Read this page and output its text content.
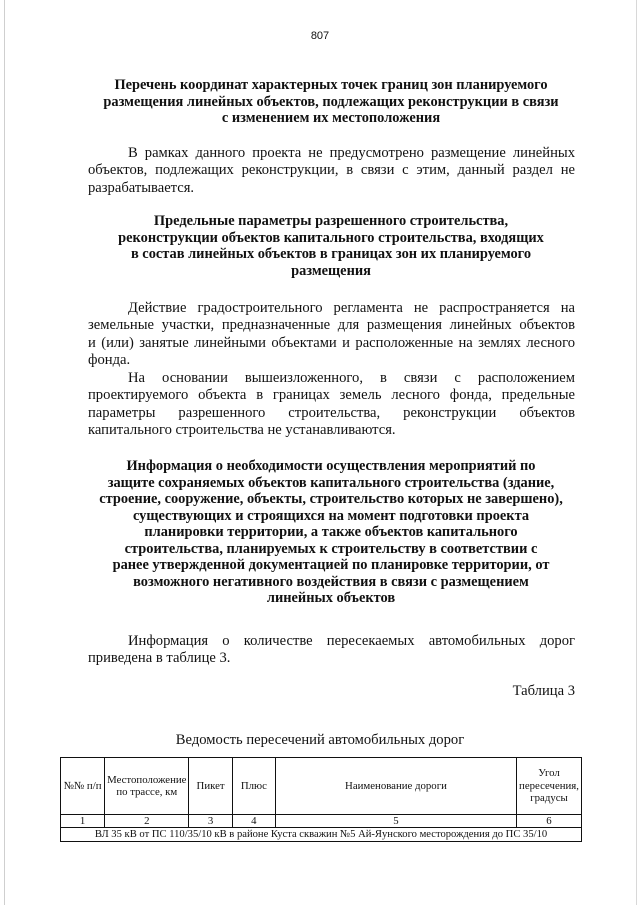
807
Перечень координат характерных точек границ зон планируемого
размещения линейных объектов, подлежащих реконструкции в связи
с изменением их местоположения

В рамках данного проекта не предусмотрено размещение линейных
объектов, подлежащих реконструкции, в связи с этим, данный раздел не
разрабатывается.

Предельные параметры разрешенного строительства,
реконструкции объектов капитального строительства, входящих
в состав линейных объектов в границах зон их планируемого
размещения

Действие градостроительного регламента не распространяется на
земельные участки, предназначенные для размещения линейных объектов
и (или) занятые линейными объектами и расположенные на землях лесного
фонда.

На основании вышеизложенного, в связи с расположением
проектируемого объекта в границах земель лесного фонда, предельные
параметры разрешенного строительства, реконструкции объектов
капитального строительства не устанавливаются.

Информация о необходимости осуществления мероприятий по
защите сохраняемых объектов капитального строительства (здание,
строение, сооружение, объекты, строительство которых не завершено),
существующих и строящихся на момент подготовки проекта
планировки территории, а также объектов капитального
строительства, планируемых к строительству в соответствии с
ранее утвержденной документацией по планировке территории, от
возможного негативного воздействия в связи с размещением
линейных объектов

Информация о количестве пересекаемых автомобильных дорог
приведена в таблице 3.

Таблица 3
Ведомость пересечений автомобильных дорог
№№ п/п	Местоположение по трассе, км	Пикет	Плюс	Наименование дороги	Угол пересечения, градусы
1	2	3	4	5	6
ВЛ 35 кВ от ПС 110/35/10 кВ в районе Куста скважин №5 Ай-Яунского месторождения до ПС 35/10					
